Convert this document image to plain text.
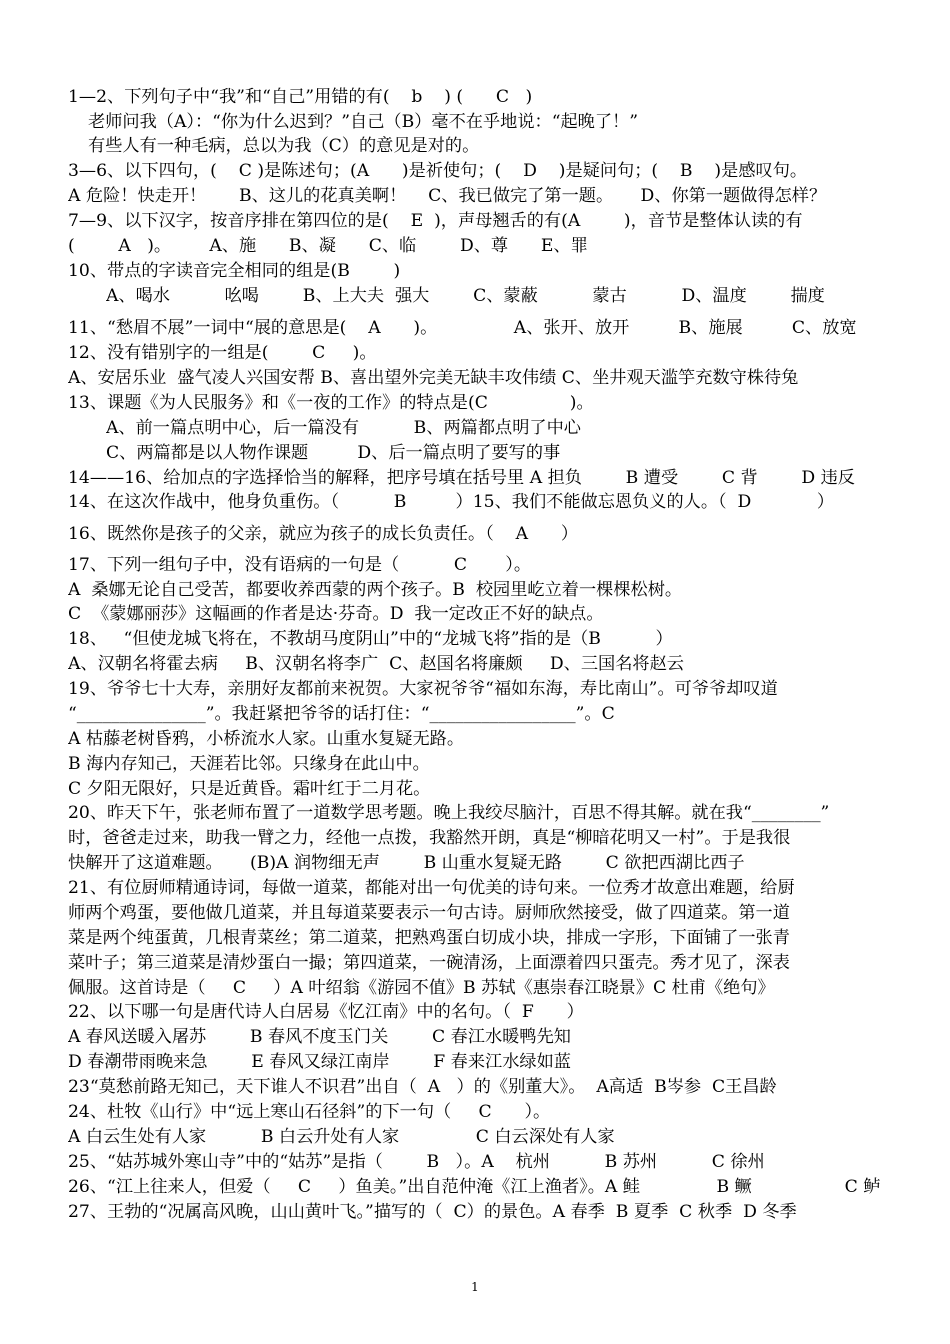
1—2、下列句子中“我”和“自己”用错的有(    b    ) (      C   )
老师问我（A）：“你为什么迟到？”自己（B）毫不在乎地说：“起晚了！”
有些人有一种毛病，总以为我（C）的意见是对的。
3—6、以下四句，(    C )是陈述句；(A      )是祈使句；(    D    )是疑问句；(    B    )是感叹句。
A 危险！快走开！      B、这儿的花真美啊！    C、我已做完了第一题。     D、你第一题做得怎样？
7—9、以下汉字，按音序排在第四位的是(    E  )，声母翘舌的有(A        )，音节是整体认读的有
(        A   )。       A、施      B、凝      C、临        D、尊      E、罪
10、带点的字读音完全相同的组是(B        )
A、喝水          吆喝        B、上大夫  强大        C、蒙蔽          蒙古          D、温度        揣度
11、“愁眉不展”一词中“展的意思是(    A      )。              A、张开、放开         B、施展         C、放宽
12、没有错别字的一组是(        C     )。
A、安居乐业  盛气凌人兴国安帮 B、喜出望外完美无缺丰攻伟绩 C、坐井观天滥竽充数守株待兔
13、课题《为人民服务》和《一夜的工作》的特点是(C               )。
A、前一篇点明中心，后一篇没有          B、两篇都点明了中心
C、两篇都是以人物作课题         D、后一篇点明了要写的事
14——16、给加点的字选择恰当的解释，把序号填在括号里 A 担负        B 遭受        C 背        D 违反
14、在这次作战中，他身负重伤。（          B         ）15、我们不能做忘恩负义的人。（  D            ）
16、既然你是孩子的父亲，就应为孩子的成长负责任。（    A      ）
17、下列一组句子中，没有语病的一句是（          C       ）。
A  桑娜无论自己受苦，都要收养西蒙的两个孩子。B  校园里屹立着一棵棵松树。
C  《蒙娜丽莎》这幅画的作者是达·芬奇。D  我一定改正不好的缺点。
18、   “但使龙城飞将在，不教胡马度阴山”中的“龙城飞将”指的是（B          ）
A、汉朝名将霍去病     B、汉朝名将李广  C、赵国名将廉颇     D、三国名将赵云
19、爷爷七十大寿，亲朋好友都前来祝贺。大家祝爷爷“福如东海，寿比南山”。可爷爷却叹道
“_______________”。我赶紧把爷爷的话打住：“_________________”。C
A 枯藤老树昏鸦，小桥流水人家。山重水复疑无路。
B 海内存知己，天涯若比邻。只缘身在此山中。
C 夕阳无限好，只是近黄昏。霜叶红于二月花。
20、昨天下午，张老师布置了一道数学思考题。晚上我绞尽脑汁，百思不得其解。就在我“________”
时，爸爸走过来，助我一臂之力，经他一点拨，我豁然开朗，真是“柳暗花明又一村”。于是我很
快解开了这道难题。     (B)A 润物细无声        B 山重水复疑无路        C 欲把西湖比西子
21、有位厨师精通诗词，每做一道菜，都能对出一句优美的诗句来。一位秀才故意出难题，给厨
师两个鸡蛋，要他做几道菜，并且每道菜要表示一句古诗。厨师欣然接受，做了四道菜。第一道
菜是两个纯蛋黄，几根青菜丝；第二道菜，把熟鸡蛋白切成小块，排成一字形，下面铺了一张青
菜叶子；第三道菜是清炒蛋白一撮；第四道菜，一碗清汤，上面漂着四只蛋壳。秀才见了，深表
佩服。这首诗是（     C     ）A 叶绍翁《游园不值》B 苏轼《惠崇春江晓景》C 杜甫《绝句》
22、以下哪一句是唐代诗人白居易《忆江南》中的名句。（  F      ）
A 春风送暖入屠苏        B 春风不度玉门关        C 春江水暖鸭先知
D 春潮带雨晚来急        E 春风又绿江南岸        F 春来江水绿如蓝
23“莫愁前路无知己，天下谁人不识君”出自（  A   ）的《别董大》。  A高适  B岑参  C王昌龄
24、杜牧《山行》中“远上寒山石径斜”的下一句（     C      ）。
A 白云生处有人家          B 白云升处有人家              C 白云深处有人家
25、“姑苏城外寒山寺”中的“姑苏”是指（        B   ）。A    杭州          B 苏州          C 徐州
26、“江上往来人，但爱（     C     ）鱼美。”出自范仲淹《江上渔者》。A 鲑              B 鳜                 C 鲈
27、王勃的“况属高风晚，山山黄叶飞。”描写的（  C）的景色。A 春季  B 夏季  C 秋季  D 冬季
1
